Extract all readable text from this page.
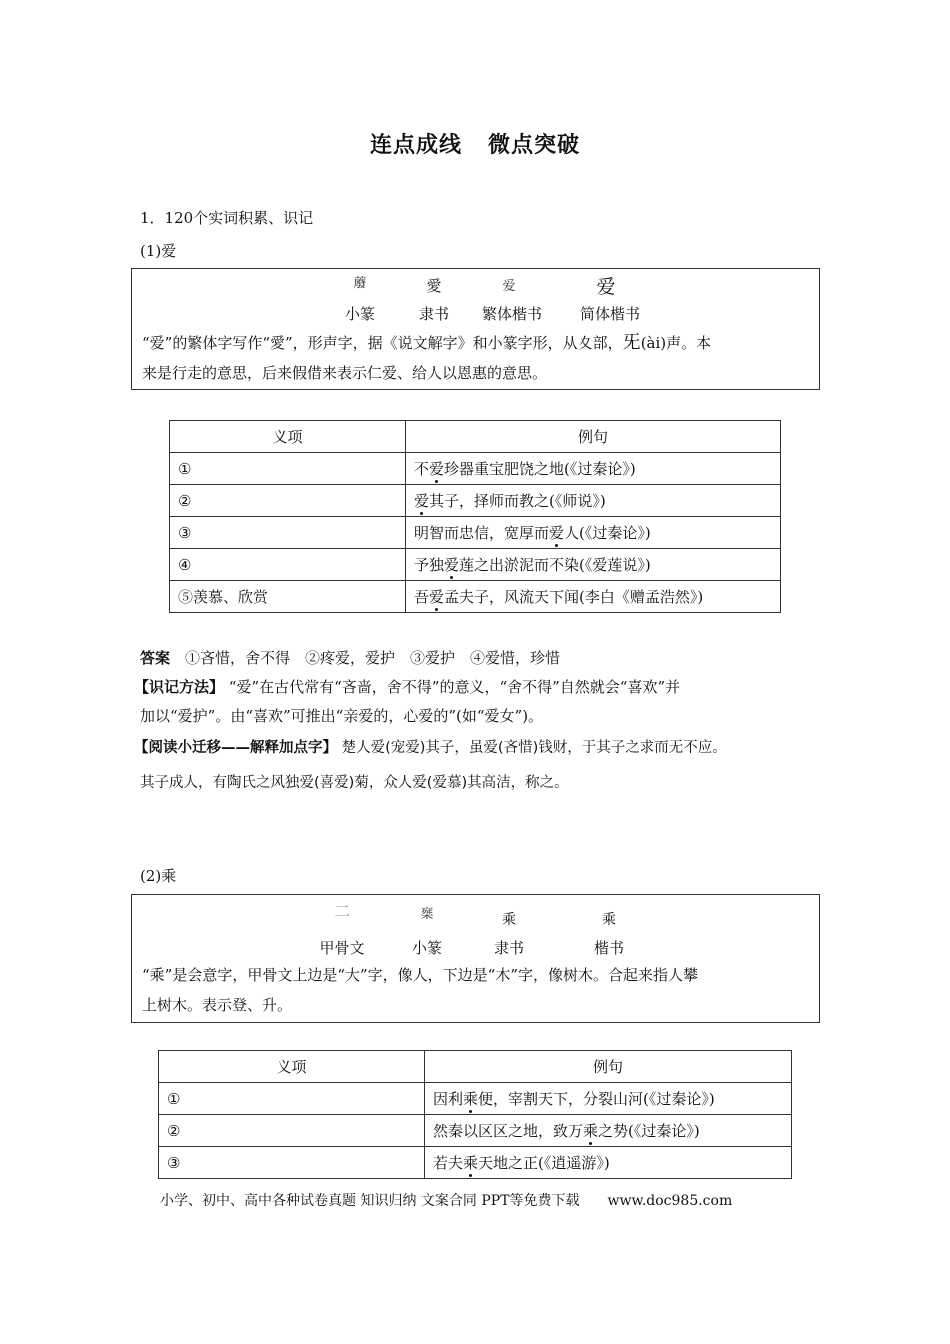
连点成线 微点突破
1．120个实词积累、识记
(1)爱
䕠	愛	爱	爱
小篆	隶书 繁体楷书	简体楷书
“爱”的繁体字写作“愛”，形声字，据《说文解字》和小篆字形，从夊部，旡(ài)声。本
来是行走的意思，后来假借来表示仁爱、给人以恩惠的意思。
义项	例句
①	不爱珍器重宝肥饶之地(《过秦论》)
②	爱其子，择师而教之(《师说》)
③	明智而忠信，宽厚而爱人(《过秦论》)
④	予独爱莲之出淤泥而不染(《爱莲说》)
⑤羡慕、欣赏	吾爱孟夫子，风流天下闻(李白《赠孟浩然》)
答案　 ①吝惜，舍不得　②疼爱，爱护　③爱护　④爱惜，珍惜
【识记方法】 “爱”在古代常有“吝啬，舍不得”的意义，“舍不得”自然就会“喜欢”并
加以“爱护”。由“喜欢”可推出“亲爱的，心爱的”(如“爱女”)。
【阅读小迁移——解释加点字】 楚人爱(宠爱)其子，虽爱(吝惜)钱财，于其子之求而无不应。
其子成人，有陶氏之风独爱(喜爱)菊，众人爱(爱慕)其高洁，称之。
(2)乘
𠄞	椉	乘	乘
甲骨文	小篆	隶书	楷书
“乘”是会意字，甲骨文上边是“大”字，像人，下边是“木”字，像树木。合起来指人攀
上树木。表示登、升。
义项	例句
①	因利乘便，宰割天下，分裂山河(《过秦论》)
②	然秦以区区之地，致万乘之势(《过秦论》)
③	若夫乘天地之正(《逍遥游》)
小学、初中、高中各种试卷真题 知识归纳 文案合同 PPT等免费下载 www.doc985.com
